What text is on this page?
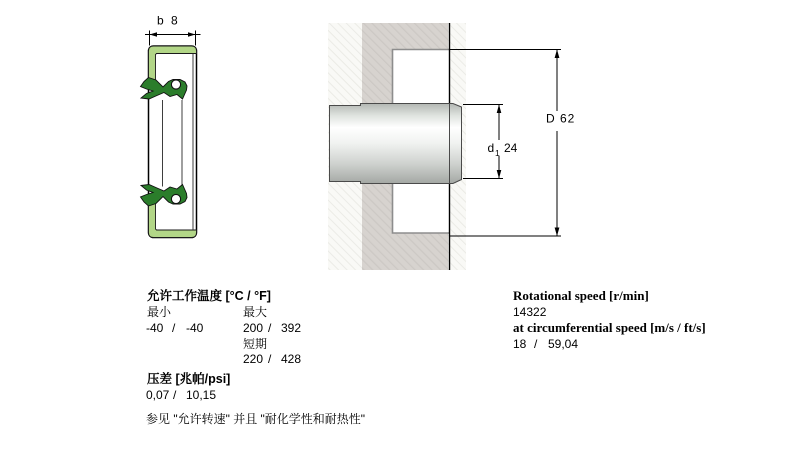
D 62
d 1 24
b 8
允许工作温度 [°C / °F]
最小	最大
-40 / -40	200 / 392
短期
220 / 428
压差 [兆帕/psi]
0,07 / 10,15
参见 "允许转速" 并且 "耐化学性和耐热性"
Rotational speed [r/min]
14322
at circumferential speed [m/s / ft/s]
18 / 59,04
